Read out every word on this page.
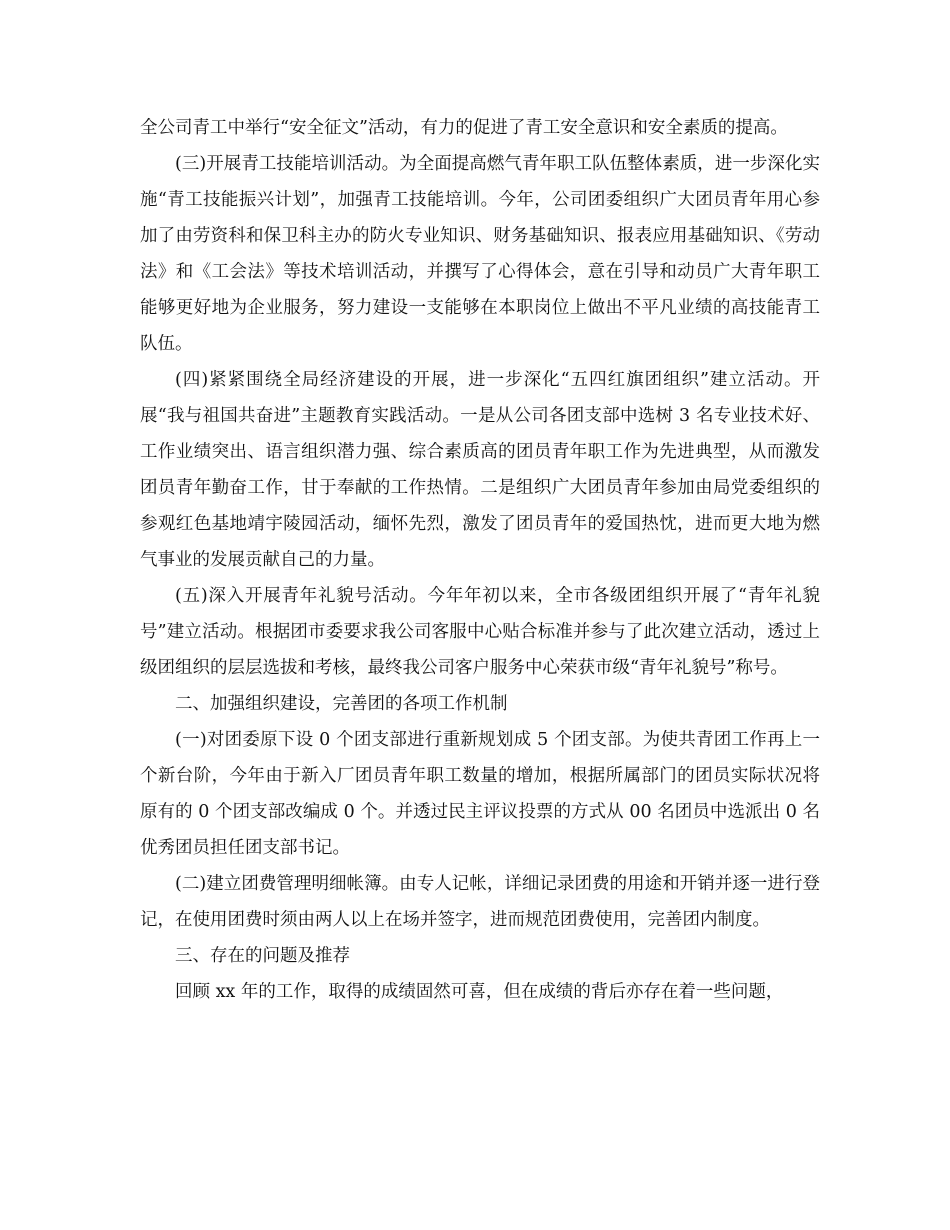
全公司青工中举行“安全征文”活动，有力的促进了青工安全意识和安全素质的提高。

(三)开展青工技能培训活动。为全面提高燃气青年职工队伍整体素质，进一步深化实施“青工技能振兴计划”，加强青工技能培训。今年，公司团委组织广大团员青年用心参加了由劳资科和保卫科主办的防火专业知识、财务基础知识、报表应用基础知识、《劳动法》和《工会法》等技术培训活动，并撰写了心得体会，意在引导和动员广大青年职工能够更好地为企业服务，努力建设一支能够在本职岗位上做出不平凡业绩的高技能青工队伍。

(四)紧紧围绕全局经济建设的开展，进一步深化“五四红旗团组织”建立活动。开展“我与祖国共奋进”主题教育实践活动。一是从公司各团支部中选树 3 名专业技术好、工作业绩突出、语言组织潜力强、综合素质高的团员青年职工作为先进典型，从而激发团员青年勤奋工作，甘于奉献的工作热情。二是组织广大团员青年参加由局党委组织的参观红色基地靖宇陵园活动，缅怀先烈，激发了团员青年的爱国热忱，进而更大地为燃气事业的发展贡献自己的力量。

(五)深入开展青年礼貌号活动。今年年初以来，全市各级团组织开展了“青年礼貌号”建立活动。根据团市委要求我公司客服中心贴合标准并参与了此次建立活动，透过上级团组织的层层选拔和考核，最终我公司客户服务中心荣获市级“青年礼貌号”称号。

二、加强组织建设，完善团的各项工作机制

(一)对团委原下设 0 个团支部进行重新规划成 5 个团支部。为使共青团工作再上一个新台阶，今年由于新入厂团员青年职工数量的增加，根据所属部门的团员实际状况将原有的 0 个团支部改编成 0 个。并透过民主评议投票的方式从 00 名团员中选派出 0 名优秀团员担任团支部书记。

(二)建立团费管理明细帐簿。由专人记帐，详细记录团费的用途和开销并逐一进行登记，在使用团费时须由两人以上在场并签字，进而规范团费使用，完善团内制度。

三、存在的问题及推荐

回顾 xx 年的工作，取得的成绩固然可喜，但在成绩的背后亦存在着一些问题，
